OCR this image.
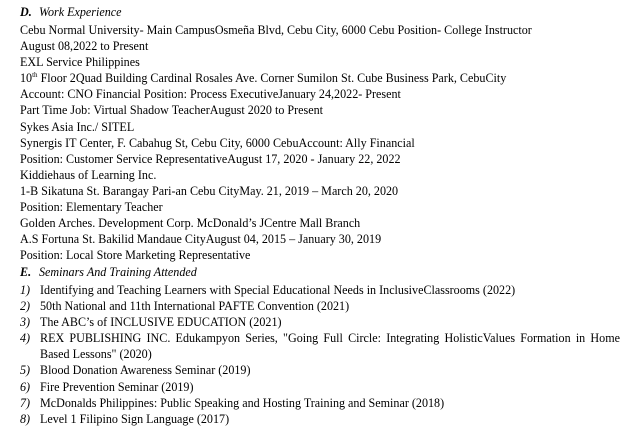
D. Work Experience
Cebu Normal University- Main CampusOsmeña Blvd, Cebu City, 6000 Cebu Position- College Instructor
August 08,2022 to Present
EXL Service Philippines
10th Floor 2Quad Building Cardinal Rosales Ave. Corner Sumilon St. Cube Business Park, CebuCity
Account: CNO Financial Position: Process ExecutiveJanuary 24,2022- Present
Part Time Job: Virtual Shadow TeacherAugust 2020 to Present
Sykes Asia Inc./ SITEL
Synergis IT Center, F. Cabahug St, Cebu City, 6000 CebuAccount: Ally Financial
Position: Customer Service RepresentativeAugust 17, 2020 - January 22, 2022
Kiddiehaus of Learning Inc.
1-B Sikatuna St. Barangay Pari-an Cebu CityMay. 21, 2019 – March 20, 2020
Position: Elementary Teacher
Golden Arches. Development Corp. McDonald’s JCentre Mall Branch
A.S Fortuna St. Bakilid Mandaue CityAugust 04, 2015 – January 30, 2019
Position: Local Store Marketing Representative
E. Seminars And Training Attended
1) Identifying and Teaching Learners with Special Educational Needs in InclusiveClassrooms (2022)
2) 50th National and 11th International PAFTE Convention (2021)
3) The ABC’s of INCLUSIVE EDUCATION (2021)
4) REX PUBLISHING INC. Edukampyon Series, "Going Full Circle: Integrating HolisticValues Formation in Home Based Lessons" (2020)
5) Blood Donation Awareness Seminar (2019)
6) Fire Prevention Seminar (2019)
7) McDonalds Philippines: Public Speaking and Hosting Training and Seminar (2018)
8) Level 1 Filipino Sign Language (2017)
